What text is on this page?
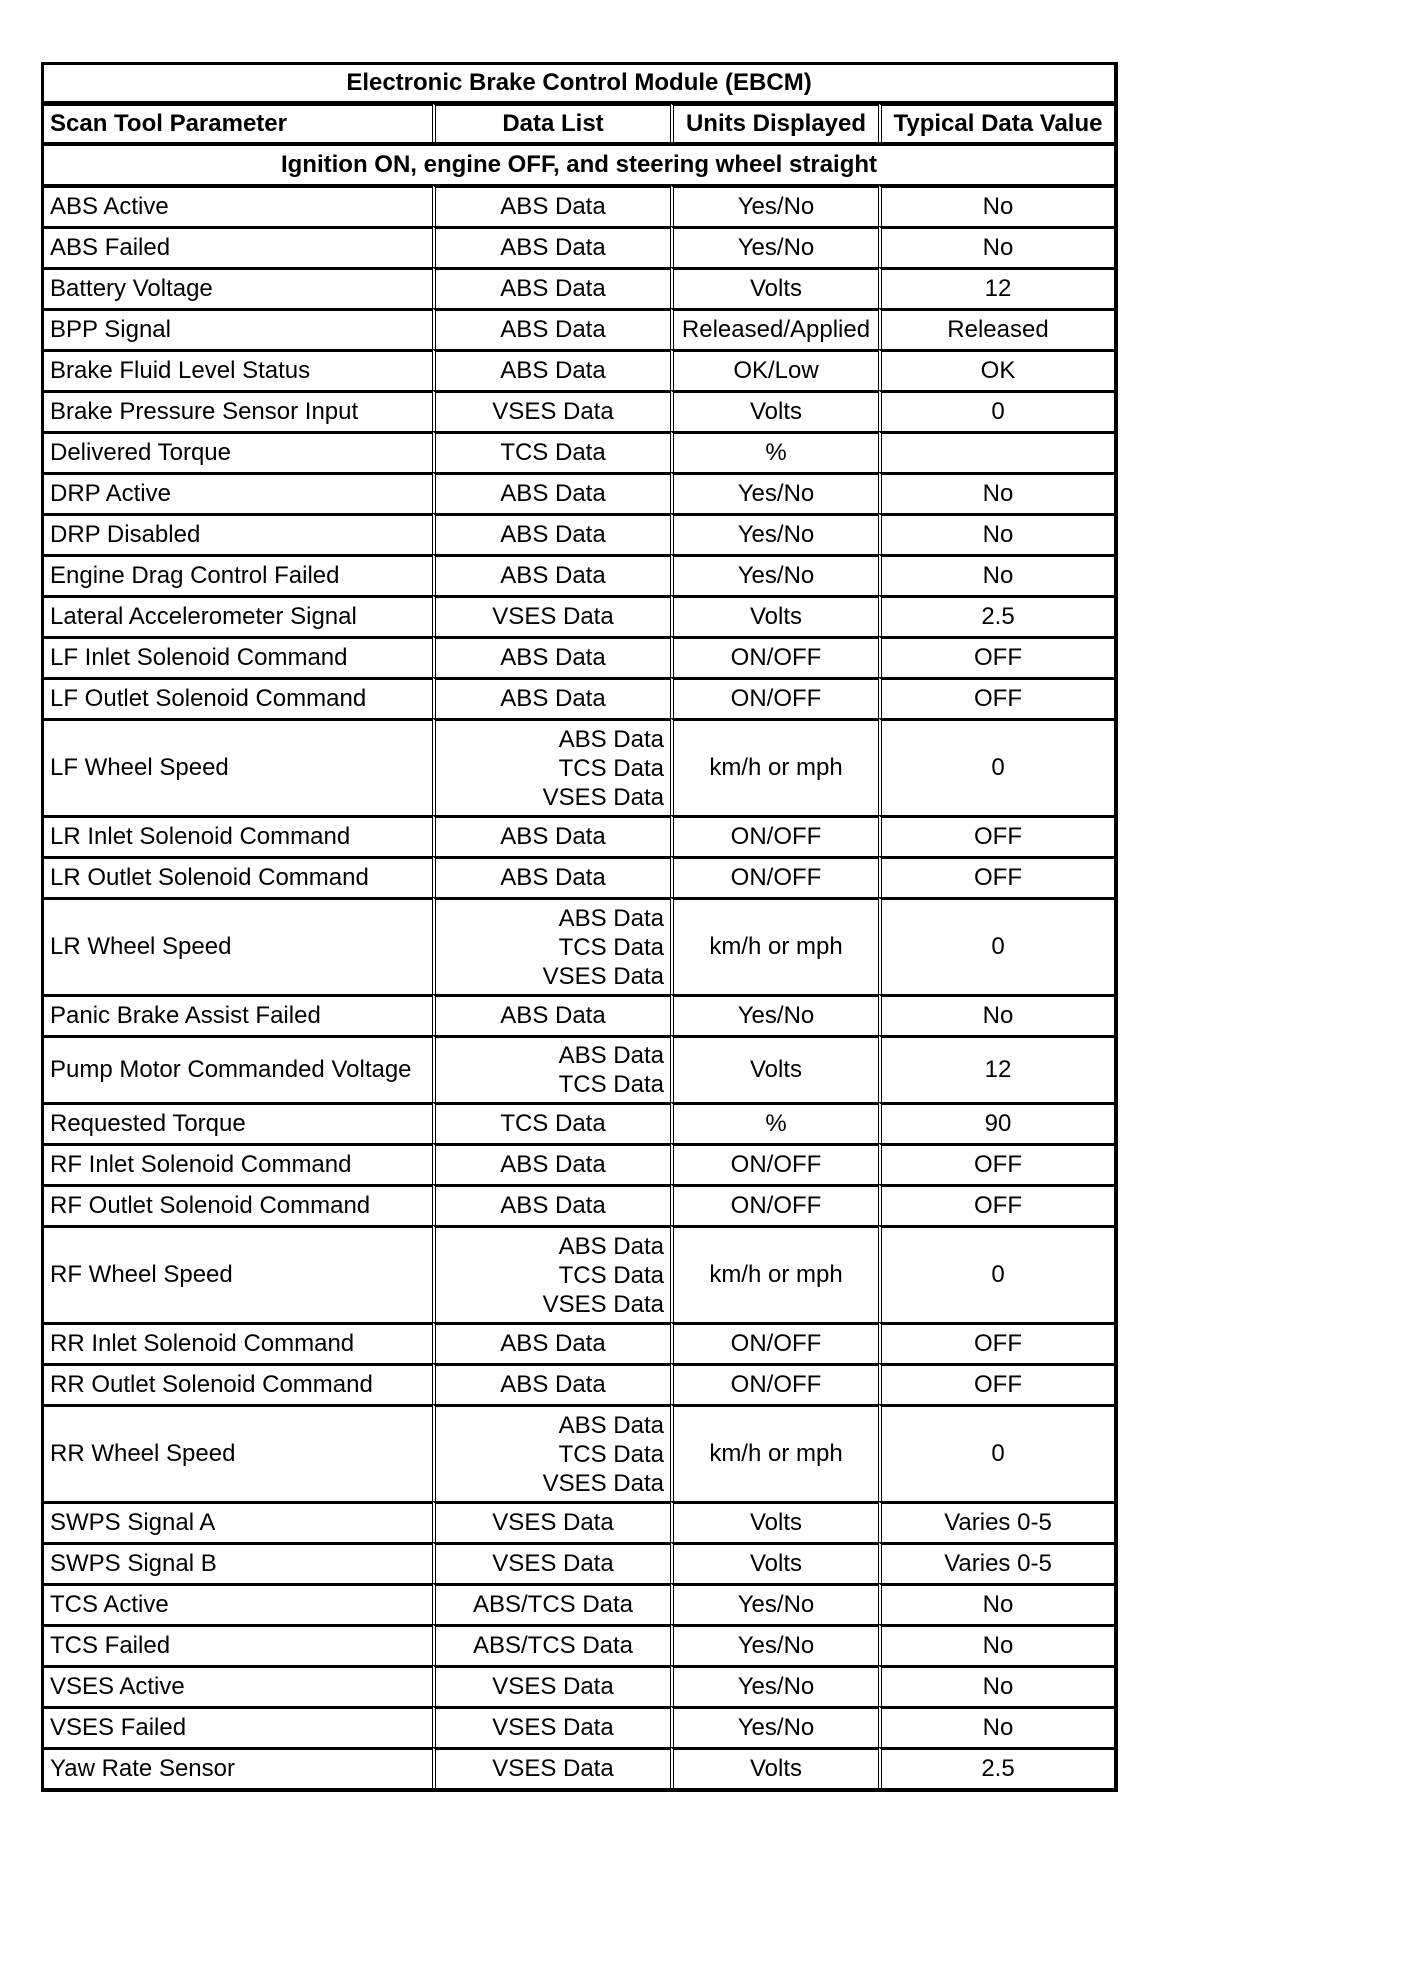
Electronic Brake Control Module (EBCM)			
Scan Tool Parameter	Data List	Units Displayed	Typical Data Value
Ignition ON, engine OFF, and steering wheel straight			
ABS Active	ABS Data	Yes/No	No
ABS Failed	ABS Data	Yes/No	No
Battery Voltage	ABS Data	Volts	12
BPP Signal	ABS Data	Released/Applied	Released
Brake Fluid Level Status	ABS Data	OK/Low	OK
Brake Pressure Sensor Input	VSES Data	Volts	0
Delivered Torque	TCS Data	%	
DRP Active	ABS Data	Yes/No	No
DRP Disabled	ABS Data	Yes/No	No
Engine Drag Control Failed	ABS Data	Yes/No	No
Lateral Accelerometer Signal	VSES Data	Volts	2.5
LF Inlet Solenoid Command	ABS Data	ON/OFF	OFF
LF Outlet Solenoid Command	ABS Data	ON/OFF	OFF
LF Wheel Speed	ABS Data
TCS Data
VSES Data	km/h or mph	0
LR Inlet Solenoid Command	ABS Data	ON/OFF	OFF
LR Outlet Solenoid Command	ABS Data	ON/OFF	OFF
LR Wheel Speed	ABS Data
TCS Data
VSES Data	km/h or mph	0
Panic Brake Assist Failed	ABS Data	Yes/No	No
Pump Motor Commanded Voltage	ABS Data
TCS Data	Volts	12
Requested Torque	TCS Data	%	90
RF Inlet Solenoid Command	ABS Data	ON/OFF	OFF
RF Outlet Solenoid Command	ABS Data	ON/OFF	OFF
RF Wheel Speed	ABS Data
TCS Data
VSES Data	km/h or mph	0
RR Inlet Solenoid Command	ABS Data	ON/OFF	OFF
RR Outlet Solenoid Command	ABS Data	ON/OFF	OFF
RR Wheel Speed	ABS Data
TCS Data
VSES Data	km/h or mph	0
SWPS Signal A	VSES Data	Volts	Varies 0-5
SWPS Signal B	VSES Data	Volts	Varies 0-5
TCS Active	ABS/TCS Data	Yes/No	No
TCS Failed	ABS/TCS Data	Yes/No	No
VSES Active	VSES Data	Yes/No	No
VSES Failed	VSES Data	Yes/No	No
Yaw Rate Sensor	VSES Data	Volts	2.5
